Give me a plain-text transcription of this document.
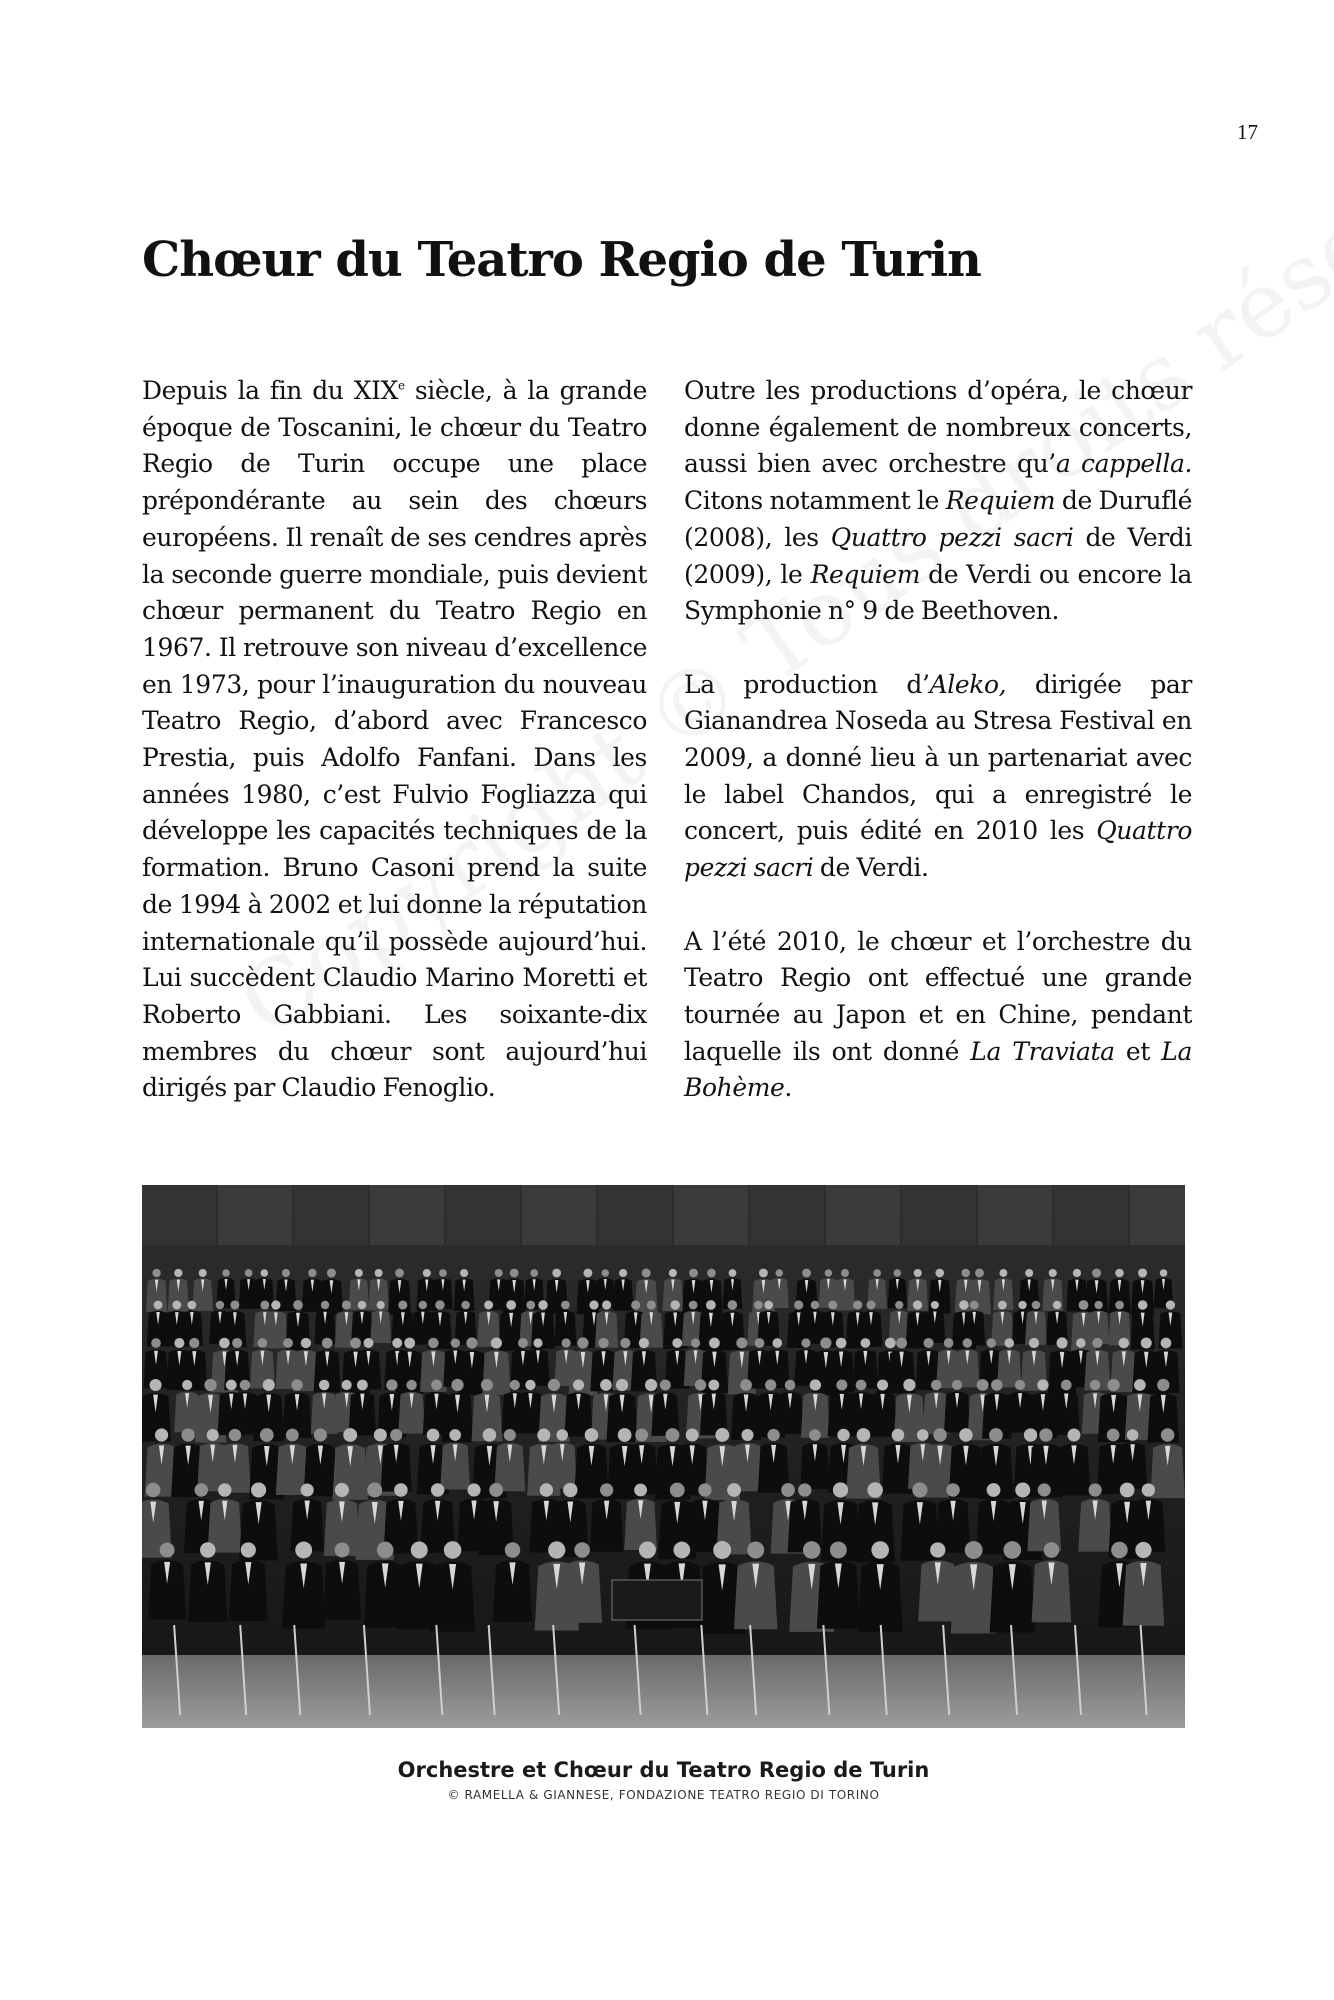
17
Chœur du Teatro Regio de Turin

Depuis la fin du XIXe siècle, à la grande époque de Toscanini, le chœur du Teatro Regio de Turin occupe une place prépondérante au sein des chœurs européens. Il renaît de ses cendres après la seconde guerre mondiale, puis devient chœur permanent du Teatro Regio en 1967. Il retrouve son niveau d’excellence en 1973, pour l’inauguration du nouveau Teatro Regio, d’abord avec Francesco Prestia, puis Adolfo Fanfani. Dans les années 1980, c’est Fulvio Fogliazza qui développe les capacités techniques de la formation. Bruno Casoni prend la suite de 1994 à 2002 et lui donne la réputation internationale qu’il possède aujourd’hui. Lui succèdent Claudio Marino Moretti et Roberto Gabbiani. Les soixante-dix membres du chœur sont aujourd’hui dirigés par Claudio Fenoglio.

Outre les productions d’opéra, le chœur donne également de nombreux concerts, aussi bien avec orchestre qu’a cappella. Citons notamment le Requiem de Duruflé (2008), les Quattro pezzi sacri de Verdi (2009), le Requiem de Verdi ou encore la Symphonie n° 9 de Beethoven.

La production d’Aleko, dirigée par Gianandrea Noseda au Stresa Festival en 2009, a donné lieu à un partenariat avec le label Chandos, qui a enregistré le concert, puis édité en 2010 les Quattro pezzi sacri de Verdi.

A l’été 2010, le chœur et l’orchestre du Teatro Regio ont effectué une grande tournée au Japon et en Chine, pendant laquelle ils ont donné La Traviata et La Bohème.

Orchestre et Chœur du Teatro Regio de Turin
© RAMELLA & GIANNESE, FONDAZIONE TEATRO REGIO DI TORINO
